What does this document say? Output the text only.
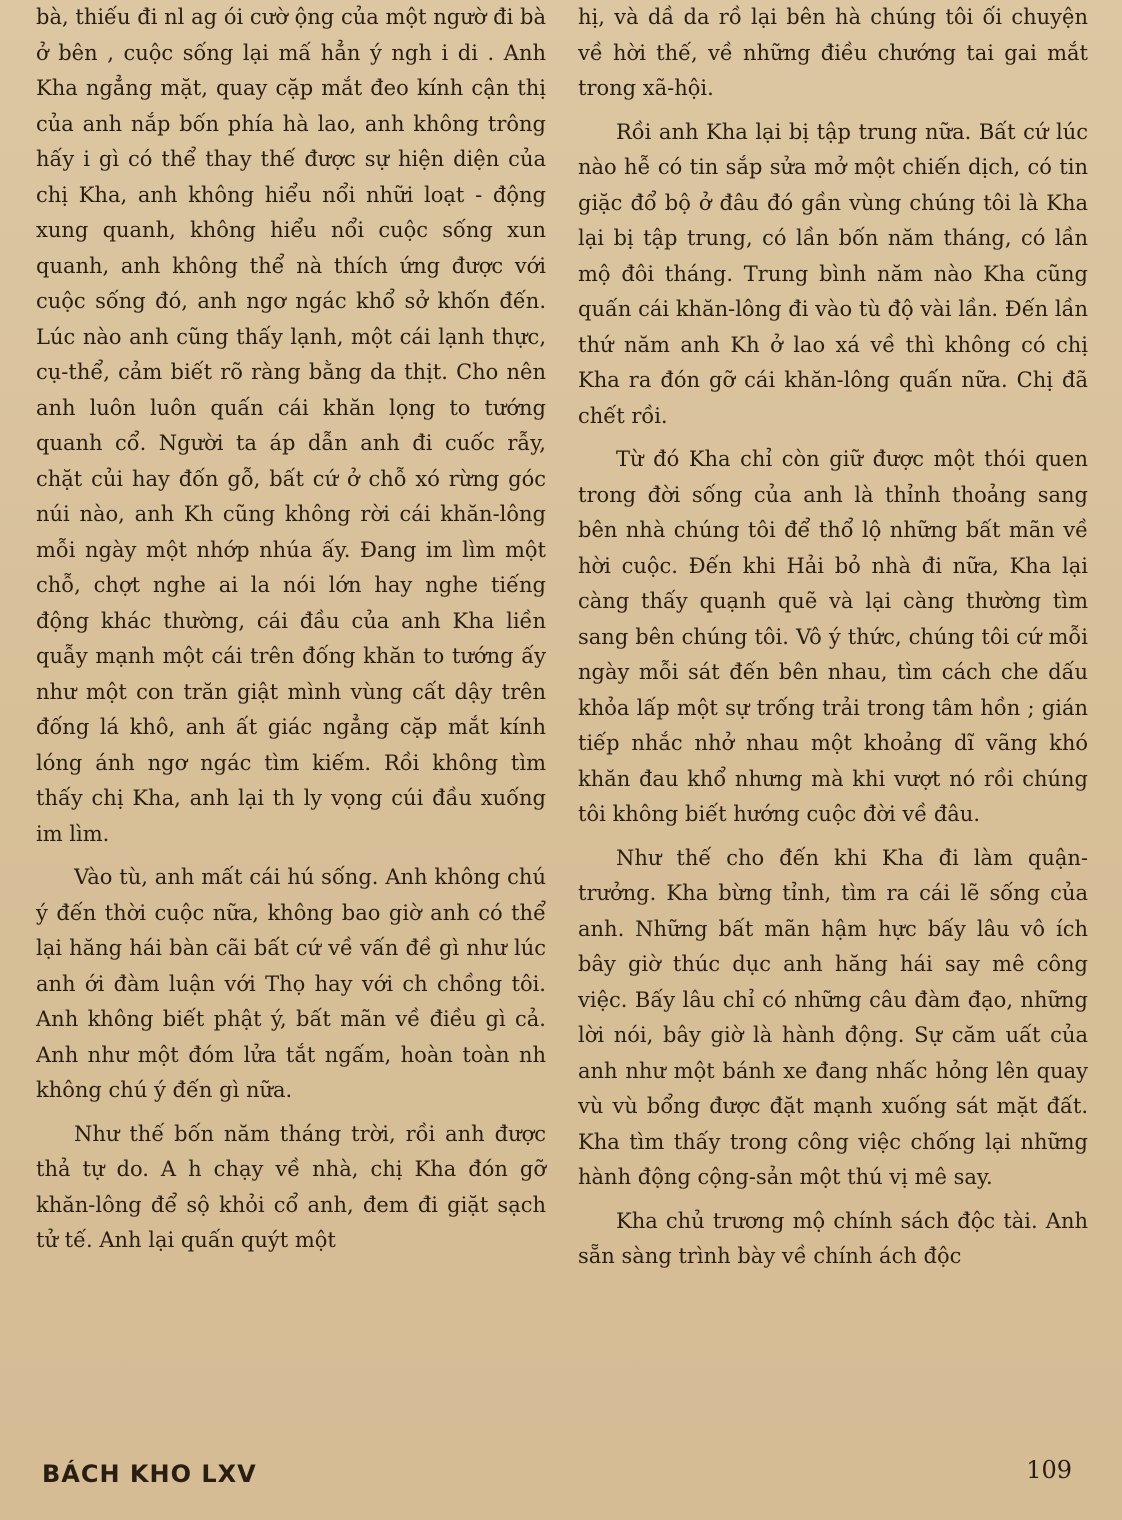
bà, thiếu đi nl ag ói cườ ộng của một ngườ đi bà ở bên , cuộc sống lại mấ hẳn ý ngh i di . Anh Kha ngẳng mặt, quay cặp mắt đeo kính cận thị của anh nắp bốn phía hà lao, anh không trông hấy i gì có thể thay thế được sự hiện diện của chị Kha, anh không hiểu nổi nhữi loạt - động xung quanh, không hiểu nổi cuộc sống xun quanh, anh không thể nà thích ứng được với cuộc sống đó, anh ngơ ngác khổ sở khốn đến. Lúc nào anh cũng thấy lạnh, một cái lạnh thực, cụ-thể, cảm biết rõ ràng bằng da thịt. Cho nên anh luôn luôn quấn cái khăn lọng to tướng quanh cổ. Người ta áp dẫn anh đi cuốc rẫy, chặt củi hay đốn gỗ, bất cứ ở chỗ xó rừng góc núi nào, anh Kh cũng không rời cái khăn-lông mỗi ngày một nhớp nhúa ấy. Đang im lìm một chỗ, chợt nghe ai la nói lớn hay nghe tiếng động khác thường, cái đầu của anh Kha liền quẫy mạnh một cái trên đống khăn to tướng ấy như một con trăn giật mình vùng cất dậy trên đống lá khô, anh ất giác ngẳng cặp mắt kính lóng ánh ngơ ngác tìm kiếm. Rồi không tìm thấy chị Kha, anh lại th ly vọng cúi đầu xuống im lìm.

Vào tù, anh mất cái hú sống. Anh không chú ý đến thời cuộc nữa, không bao giờ anh có thể lại hăng hái bàn cãi bất cứ về vấn đề gì như lúc anh ới đàm luận với Thọ hay với ch chồng tôi. Anh không biết phật ý, bất mãn về điều gì cả. Anh như một đóm lửa tắt ngấm, hoàn toàn nh không chú ý đến gì nữa.

Như thế bốn năm tháng trời, rồi anh được thả tự do. A h chạy về nhà, chị Kha đón gỡ khăn-lông để sộ khỏi cổ anh, đem đi giặt sạch tử tế. Anh lại quấn quýt một

hị, và dầ da rồ lại bên hà chúng tôi ối chuyện về hời thế, về những điều chướng tai gai mắt trong xã-hội.

Rồi anh Kha lại bị tập trung nữa. Bất cứ lúc nào hễ có tin sắp sửa mở một chiến dịch, có tin giặc đổ bộ ở đâu đó gần vùng chúng tôi là Kha lại bị tập trung, có lần bốn năm tháng, có lần mộ đôi tháng. Trung bình năm nào Kha cũng quấn cái khăn-lông đi vào tù độ vài lần. Đến lần thứ năm anh Kh ở lao xá về thì không có chị Kha ra đón gỡ cái khăn-lông quấn nữa. Chị đã chết rồi.

Từ đó Kha chỉ còn giữ được một thói quen trong đời sống của anh là thỉnh thoảng sang bên nhà chúng tôi để thổ lộ những bất mãn về hời cuộc. Đến khi Hải bỏ nhà đi nữa, Kha lại càng thấy quạnh quẽ và lại càng thường tìm sang bên chúng tôi. Vô ý thức, chúng tôi cứ mỗi ngày mỗi sát đến bên nhau, tìm cách che dấu khỏa lấp một sự trống trải trong tâm hồn ; gián tiếp nhắc nhở nhau một khoảng dĩ vãng khó khăn đau khổ nhưng mà khi vượt nó rồi chúng tôi không biết hướng cuộc đời về đâu.

Như thế cho đến khi Kha đi làm quận-trưởng. Kha bừng tỉnh, tìm ra cái lẽ sống của anh. Những bất mãn hậm hực bấy lâu vô ích bây giờ thúc dục anh hăng hái say mê công việc. Bấy lâu chỉ có những câu đàm đạo, những lời nói, bây giờ là hành động. Sự căm uất của anh như một bánh xe đang nhấc hỏng lên quay vù vù bổng được đặt mạnh xuống sát mặt đất. Kha tìm thấy trong công việc chống lại những hành động cộng-sản một thú vị mê say.

Kha chủ trương mộ chính sách độc tài. Anh sẵn sàng trình bày về chính ách độc

BÁCH KHO LXV	109
